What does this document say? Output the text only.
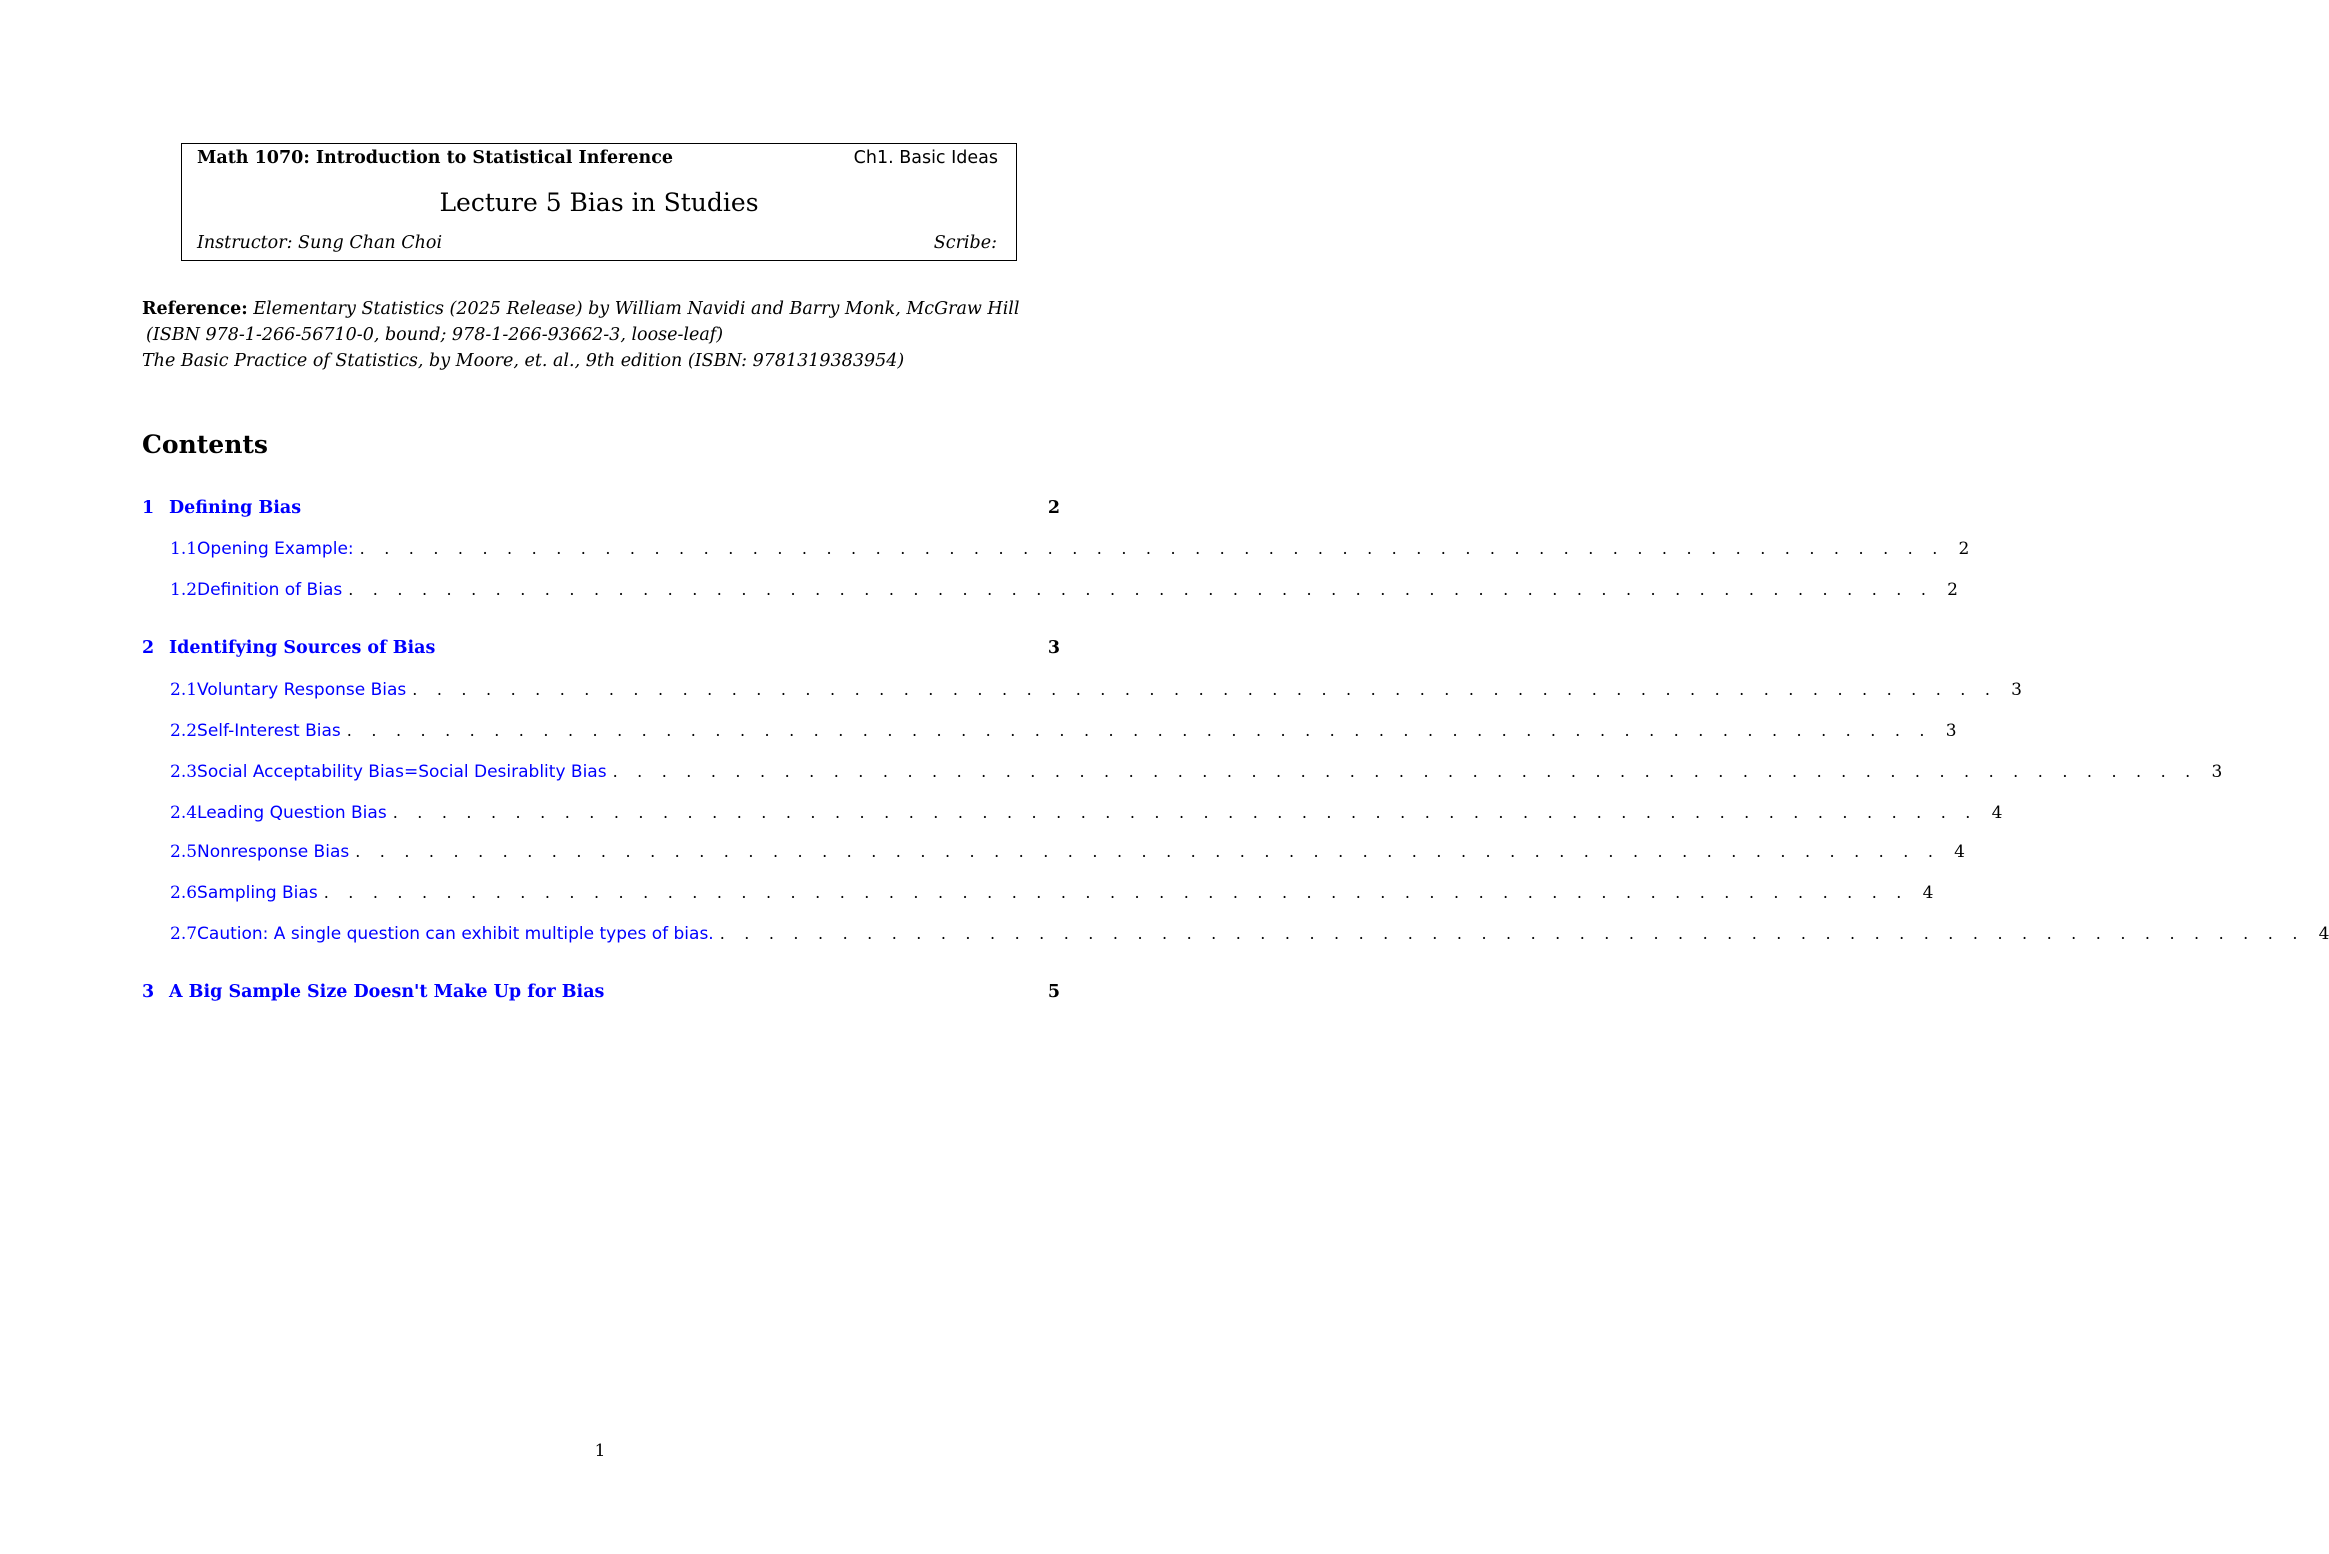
Math 1070: Introduction to Statistical Inference	Ch1. Basic Ideas
Lecture 5 Bias in Studies
Instructor: Sung Chan Choi	Scribe:
Reference: Elementary Statistics (2025 Release) by William Navidi and Barry Monk, McGraw Hill
(ISBN 978-1-266-56710-0, bound; 978-1-266-93662-3, loose-leaf)
The Basic Practice of Statistics, by Moore, et. al., 9th edition (ISBN: 9781319383954)
Contents
1 Defining Bias	2
1.1 Opening Example: . . . . . . . . . . . . . . . . . . . . . . . . . . . . . . . . . . . . . . . . . . . . . . . . . . . . . . . . . . . . . . . . . 2
1.2 Definition of Bias . . . . . . . . . . . . . . . . . . . . . . . . . . . . . . . . . . . . . . . . . . . . . . . . . . . . . . . . . . . . . . . . . 2
2 Identifying Sources of Bias	3
2.1 Voluntary Response Bias . . . . . . . . . . . . . . . . . . . . . . . . . . . . . . . . . . . . . . . . . . . . . . . . . . . . . . . . . . . . . . . . . 3
2.2 Self-Interest Bias . . . . . . . . . . . . . . . . . . . . . . . . . . . . . . . . . . . . . . . . . . . . . . . . . . . . . . . . . . . . . . . . . 3
2.3 Social Acceptability Bias=Social Desirablity Bias . . . . . . . . . . . . . . . . . . . . . . . . . . . . . . . . . . . . . . . . . . . . . . . . . . . . . . . . . . . . . . . . . 3
2.4 Leading Question Bias . . . . . . . . . . . . . . . . . . . . . . . . . . . . . . . . . . . . . . . . . . . . . . . . . . . . . . . . . . . . . . . . . 4
2.5 Nonresponse Bias . . . . . . . . . . . . . . . . . . . . . . . . . . . . . . . . . . . . . . . . . . . . . . . . . . . . . . . . . . . . . . . . . 4
2.6 Sampling Bias . . . . . . . . . . . . . . . . . . . . . . . . . . . . . . . . . . . . . . . . . . . . . . . . . . . . . . . . . . . . . . . . . 4
2.7 Caution: A single question can exhibit multiple types of bias. . . . . . . . . . . . . . . . . . . . . . . . . . . . . . . . . . . . . . . . . . . . . . . . . . . . . . . . . . . . . . . . . . 4
3 A Big Sample Size Doesn't Make Up for Bias	5
1
